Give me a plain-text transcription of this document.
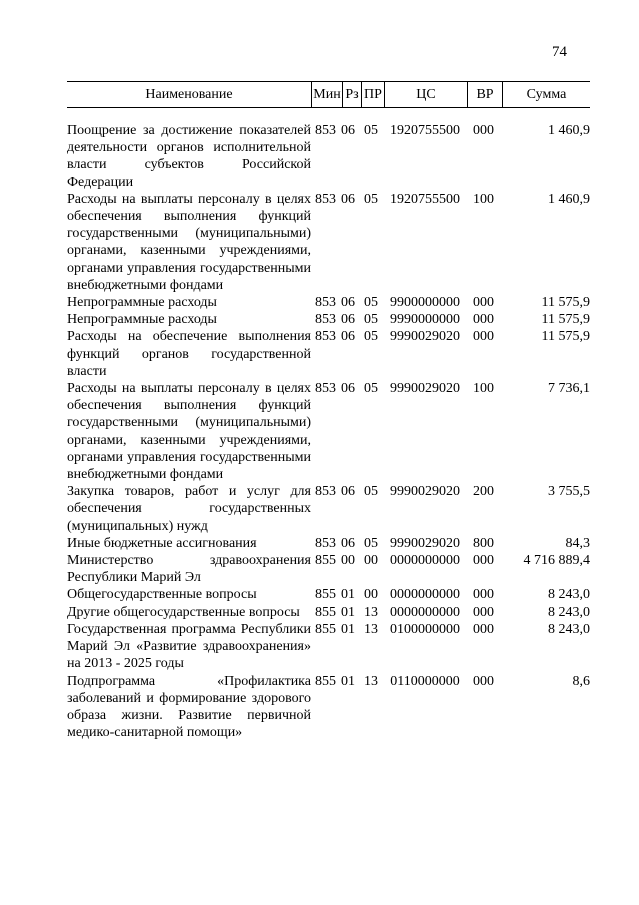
74
Наименование	Мин	Рз	ПР	ЦС	ВР	Сумма
Поощрение за достижение показателей деятельности органов исполнительной власти субъектов Российской Федерации
853 06 05 1920755500 000	1 460,9
Расходы на выплаты персоналу в целях обеспечения выполнения функций государственными (муниципальными) органами, казенными учреждениями, органами управления государственными внебюджетными фондами
853 06 05 1920755500 100	1 460,9
Непрограммные расходы	853 06 05 9900000000 000	11 575,9
Непрограммные расходы	853 06 05 9990000000 000	11 575,9
Расходы на обеспечение выполнения функций органов государственной власти
853 06 05 9990029020 000	11 575,9
Расходы на выплаты персоналу в целях обеспечения выполнения функций государственными (муниципальными) органами, казенными учреждениями, органами управления государственными внебюджетными фондами
853 06 05 9990029020 100	7 736,1
Закупка товаров, работ и услуг для обеспечения государственных (муниципальных) нужд
853 06 05 9990029020 200	3 755,5
Иные бюджетные ассигнования	853 06 05 9990029020 800	84,3
Министерство здравоохранения Республики Марий Эл
855 00 00 0000000000 000	4 716 889,4
Общегосударственные вопросы	855 01 00 0000000000 000	8 243,0
Другие общегосударственные вопросы	855 01 13 0000000000 000	8 243,0
Государственная программа Республики Марий Эл «Развитие здравоохранения» на 2013 - 2025 годы
855 01 13 0100000000 000	8 243,0
Подпрограмма «Профилактика заболеваний и формирование здорового образа жизни. Развитие первичной медико-санитарной помощи»
855 01 13 0110000000 000	8,6
